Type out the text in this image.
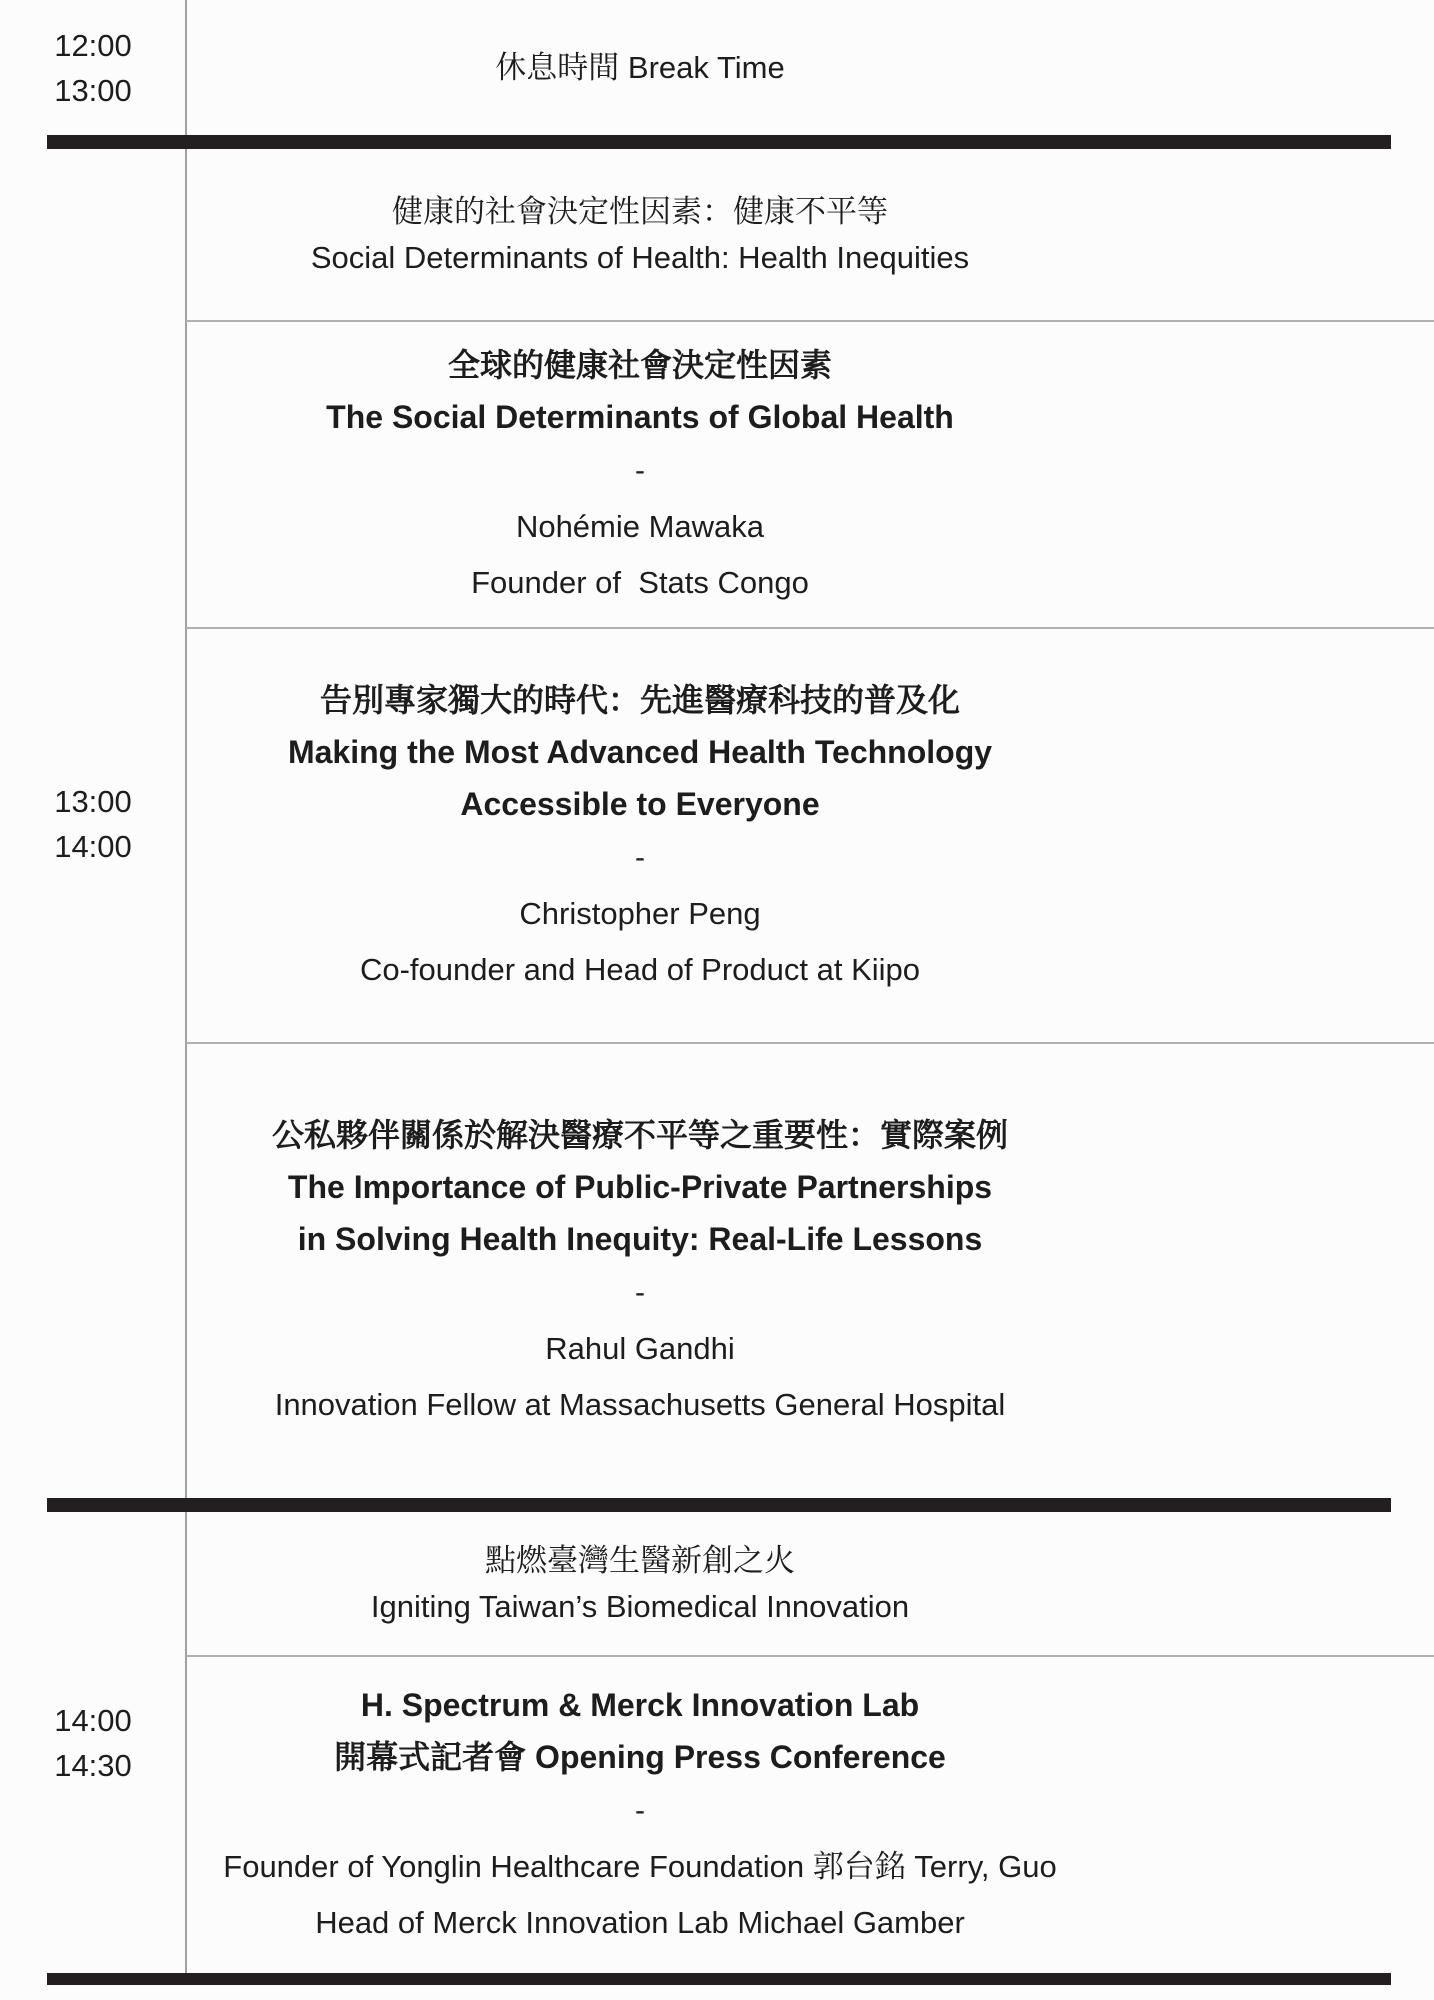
12:00
13:00
休息時間 Break Time
13:00
14:00
健康的社會決定性因素：健康不平等
Social Determinants of Health: Health Inequities
全球的健康社會決定性因素
The Social Determinants of Global Health
-
Nohémie Mawaka
Founder of  Stats Congo
告別專家獨大的時代：先進醫療科技的普及化
Making the Most Advanced Health Technology
Accessible to Everyone
-
Christopher Peng
Co-founder and Head of Product at Kiipo
公私夥伴關係於解決醫療不平等之重要性：實際案例
The Importance of Public-Private Partnerships
in Solving Health Inequity: Real-Life Lessons
-
Rahul Gandhi
Innovation Fellow at Massachusetts General Hospital
14:00
14:30
點燃臺灣生醫新創之火
Igniting Taiwan’s Biomedical Innovation
H. Spectrum & Merck Innovation Lab
開幕式記者會 Opening Press Conference
-
Founder of Yonglin Healthcare Foundation 郭台銘 Terry, Guo
Head of Merck Innovation Lab Michael Gamber
